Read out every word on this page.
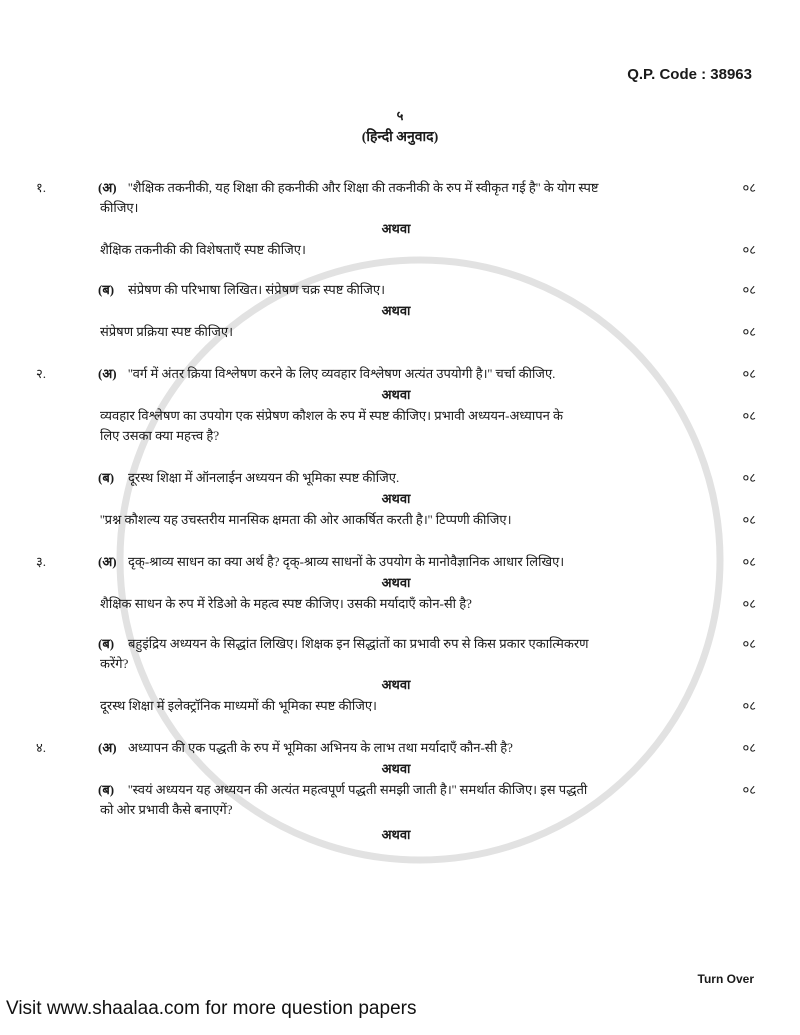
Q.P. Code : 38963
५
(हिन्दी अनुवाद)
१.	(अ) ''शैक्षिक तकनीकी, यह शिक्षा की हकनीकी और शिक्षा की तकनीकी के रुप में स्वीकृत गई है'' के योग स्पष्ट	०८
कीजिए।
अथवा
शैक्षिक तकनीकी की विशेषताएँ स्पष्ट कीजिए।	०८
(ब)	संप्रेषण की परिभाषा लिखित। संप्रेषण चक्र स्पष्ट कीजिए।	०८
अथवा
संप्रेषण प्रक्रिया स्पष्ट कीजिए।	०८
२.	(अ) ''वर्ग में अंतर क्रिया विश्लेषण करने के लिए व्यवहार विश्लेषण अत्यंत उपयोगी है।'' चर्चा कीजिए.	०८
अथवा
व्यवहार विश्लेषण का उपयोग एक संप्रेषण कौशल के रुप में स्पष्ट कीजिए। प्रभावी अध्ययन-अध्यापन के	०८
लिए उसका क्या महत्त्व है?
(ब)	दूरस्थ शिक्षा में ऑनलाईन अध्ययन की भूमिका स्पष्ट कीजिए.	०८
अथवा
''प्रश्न कौशल्य यह उचस्तरीय मानसिक क्षमता की ओर आकर्षित करती है।'' टिप्पणी कीजिए।	०८
३.	(अ) दृक्-श्राव्य साधन का क्या अर्थ है? दृक्-श्राव्य साधनों के उपयोग के मानोवैज्ञानिक आधार लिखिए।	०८
अथवा
शैक्षिक साधन के रुप में रेडिओ के महत्व स्पष्ट कीजिए। उसकी मर्यादाएँ कोन-सी है?	०८
(ब)	बहुइंद्रिय अध्ययन के सिद्धांत लिखिए। शिक्षक इन सिद्धांतों का प्रभावी रुप से किस प्रकार एकात्मिकरण	०८
करेंगे?
अथवा
दूरस्थ शिक्षा में इलेक्ट्रॉनिक माध्यमों की भूमिका स्पष्ट कीजिए।	०८
४.	(अ) अध्यापन की एक पद्धती के रुप में भूमिका अभिनय के लाभ तथा मर्यादाएँ कौन-सी है?	०८
अथवा
(ब)	''स्वयं अध्ययन यह अध्ययन की अत्यंत महत्वपूर्ण पद्धती समझी जाती है।'' समर्थात कीजिए। इस पद्धती	०८
को ओर प्रभावी कैसे बनाएगें?
अथवा
Turn Over
Visit www.shaalaa.com for more question papers
